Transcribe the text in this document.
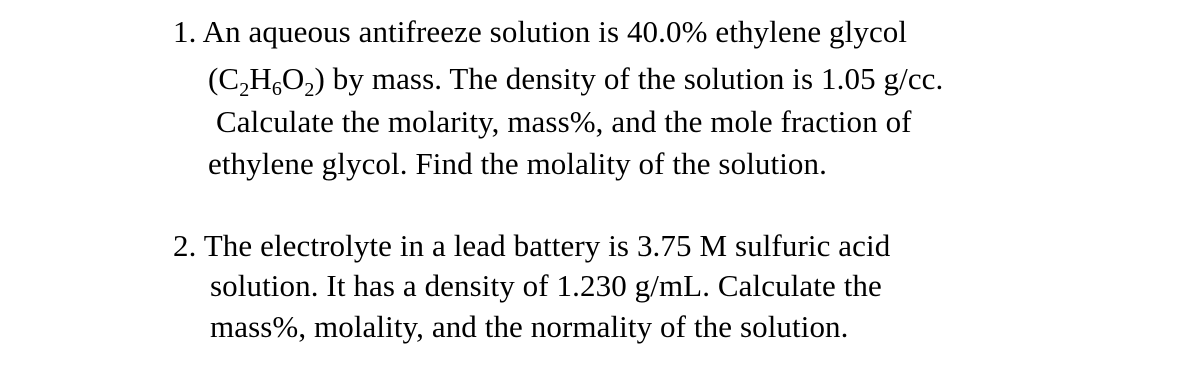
1. An aqueous antifreeze solution is 40.0% ethylene glycol
$(C_2H_6O_2)$ by mass. The density of the solution is 1.05 g/cc.
Calculate the molarity, mass%, and the mole fraction of
ethylene glycol. Find the molality of the solution.
2. The electrolyte in a lead battery is 3.75 M sulfuric acid
solution. It has a density of 1.230 g/mL. Calculate the
mass%, molality, and the normality of the solution.
